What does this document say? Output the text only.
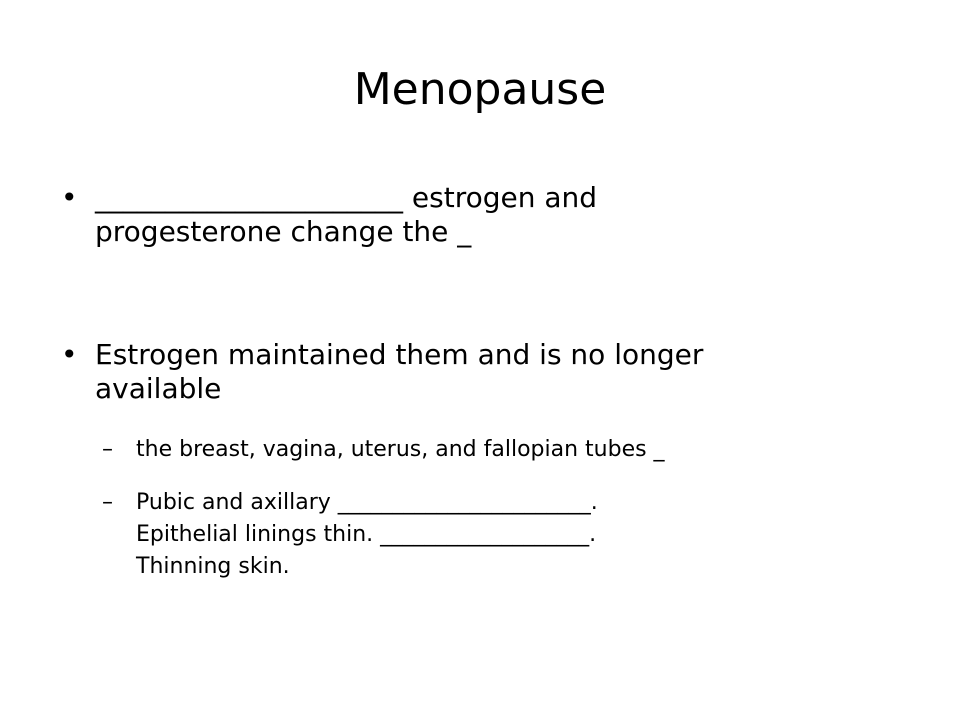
Menopause
• ______________________ estrogen and
progesterone change the _
• Estrogen maintained them and is no longer
available
– the breast, vagina, uterus, and fallopian tubes _
– Pubic and axillary _______________________.
Epithelial linings thin. ___________________.
Thinning skin.
